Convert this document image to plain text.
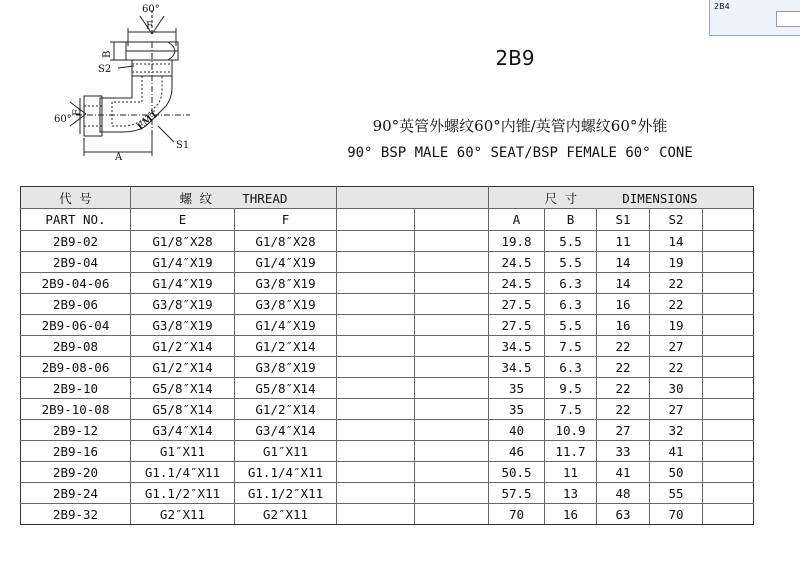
60°
F
B
S2
60°
E
A
S1
EMT
2B9
90°英管外螺纹60°内锥/英管内螺纹60°外锥
90° BSP MALE 60° SEAT/BSP FEMALE 60° CONE
2B4
代 号	螺 纹 THREAD				尺 寸 DIMENSIONS				
PART NO.	E	F			A	B	S1	S2	
2B9-02	G1/8″X28	G1/8″X28			19.8	5.5	11	14	
2B9-04	G1/4″X19	G1/4″X19			24.5	5.5	14	19	
2B9-04-06	G1/4″X19	G3/8″X19			24.5	6.3	14	22	
2B9-06	G3/8″X19	G3/8″X19			27.5	6.3	16	22	
2B9-06-04	G3/8″X19	G1/4″X19			27.5	5.5	16	19	
2B9-08	G1/2″X14	G1/2″X14			34.5	7.5	22	27	
2B9-08-06	G1/2″X14	G3/8″X19			34.5	6.3	22	22	
2B9-10	G5/8″X14	G5/8″X14			35	9.5	22	30	
2B9-10-08	G5/8″X14	G1/2″X14			35	7.5	22	27	
2B9-12	G3/4″X14	G3/4″X14			40	10.9	27	32	
2B9-16	G1″X11	G1″X11			46	11.7	33	41	
2B9-20	G1.1/4″X11	G1.1/4″X11			50.5	11	41	50	
2B9-24	G1.1/2″X11	G1.1/2″X11			57.5	13	48	55	
2B9-32	G2″X11	G2″X11			70	16	63	70	
